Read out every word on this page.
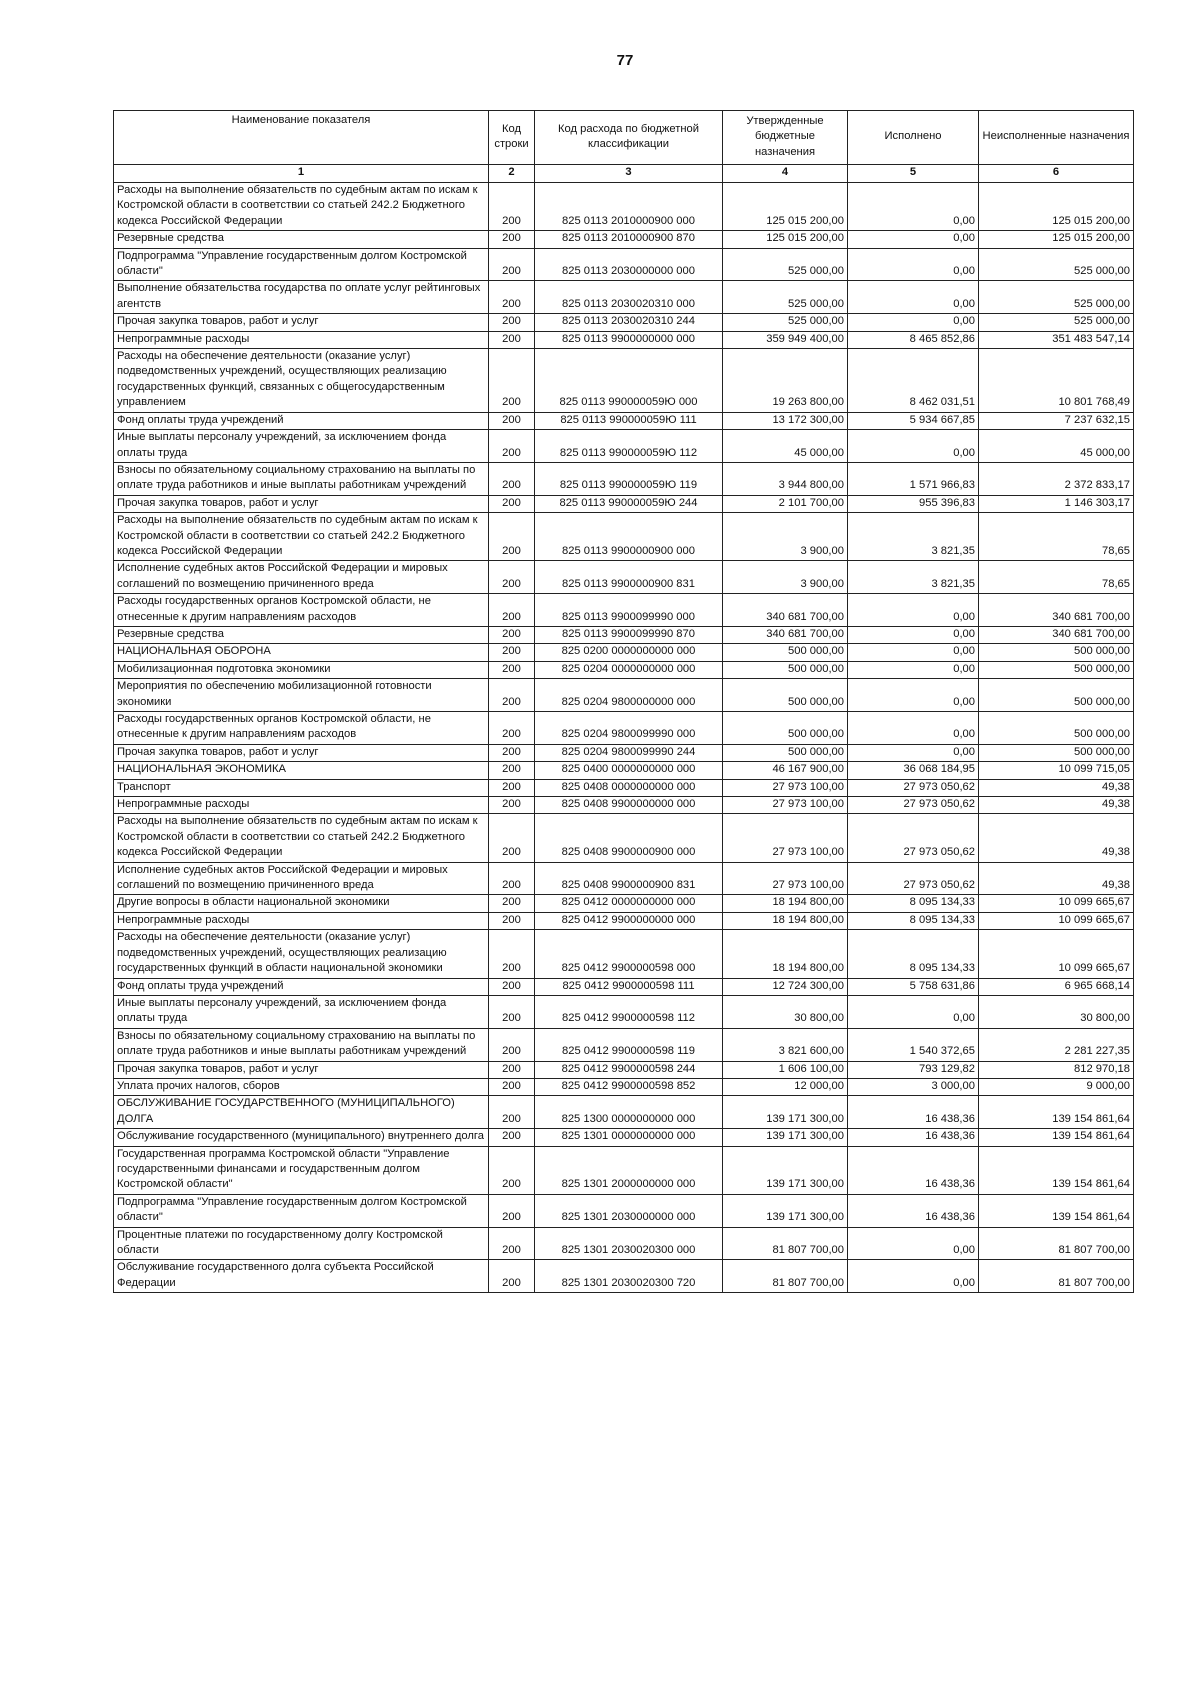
77
Наименование показателя	Код строки	Код расхода по бюджетной классификации	Утвержденные бюджетные назначения	Исполнено	Неисполненные назначения
1	2	3	4	5	6
Расходы на выполнение обязательств по судебным актам по искам к Костромской области в соответствии со статьей 242.2 Бюджетного кодекса Российской Федерации	200	825 0113 2010000900 000	125 015 200,00	0,00	125 015 200,00
Резервные средства	200	825 0113 2010000900 870	125 015 200,00	0,00	125 015 200,00
Подпрограмма "Управление государственным долгом Костромской области"	200	825 0113 2030000000 000	525 000,00	0,00	525 000,00
Выполнение обязательства государства по оплате услуг рейтинговых агентств	200	825 0113 2030020310 000	525 000,00	0,00	525 000,00
Прочая закупка товаров, работ и услуг	200	825 0113 2030020310 244	525 000,00	0,00	525 000,00
Непрограммные расходы	200	825 0113 9900000000 000	359 949 400,00	8 465 852,86	351 483 547,14
Расходы на обеспечение деятельности (оказание услуг) подведомственных учреждений, осуществляющих реализацию государственных функций, связанных с общегосударственным управлением	200	825 0113 990000059Ю 000	19 263 800,00	8 462 031,51	10 801 768,49
Фонд оплаты труда учреждений	200	825 0113 990000059Ю 111	13 172 300,00	5 934 667,85	7 237 632,15
Иные выплаты персоналу учреждений, за исключением фонда оплаты труда	200	825 0113 990000059Ю 112	45 000,00	0,00	45 000,00
Взносы по обязательному социальному страхованию на выплаты по оплате труда работников и иные выплаты работникам учреждений	200	825 0113 990000059Ю 119	3 944 800,00	1 571 966,83	2 372 833,17
Прочая закупка товаров, работ и услуг	200	825 0113 990000059Ю 244	2 101 700,00	955 396,83	1 146 303,17
Расходы на выполнение обязательств по судебным актам по искам к Костромской области в соответствии со статьей 242.2 Бюджетного кодекса Российской Федерации	200	825 0113 9900000900 000	3 900,00	3 821,35	78,65
Исполнение судебных актов Российской Федерации и мировых соглашений по возмещению причиненного вреда	200	825 0113 9900000900 831	3 900,00	3 821,35	78,65
Расходы государственных органов Костромской области, не отнесенные к другим направлениям расходов	200	825 0113 9900099990 000	340 681 700,00	0,00	340 681 700,00
Резервные средства	200	825 0113 9900099990 870	340 681 700,00	0,00	340 681 700,00
НАЦИОНАЛЬНАЯ ОБОРОНА	200	825 0200 0000000000 000	500 000,00	0,00	500 000,00
Мобилизационная подготовка экономики	200	825 0204 0000000000 000	500 000,00	0,00	500 000,00
Мероприятия по обеспечению мобилизационной готовности экономики	200	825 0204 9800000000 000	500 000,00	0,00	500 000,00
Расходы государственных органов Костромской области, не отнесенные к другим направлениям расходов	200	825 0204 9800099990 000	500 000,00	0,00	500 000,00
Прочая закупка товаров, работ и услуг	200	825 0204 9800099990 244	500 000,00	0,00	500 000,00
НАЦИОНАЛЬНАЯ ЭКОНОМИКА	200	825 0400 0000000000 000	46 167 900,00	36 068 184,95	10 099 715,05
Транспорт	200	825 0408 0000000000 000	27 973 100,00	27 973 050,62	49,38
Непрограммные расходы	200	825 0408 9900000000 000	27 973 100,00	27 973 050,62	49,38
Расходы на выполнение обязательств по судебным актам по искам к Костромской области в соответствии со статьей 242.2 Бюджетного кодекса Российской Федерации	200	825 0408 9900000900 000	27 973 100,00	27 973 050,62	49,38
Исполнение судебных актов Российской Федерации и мировых соглашений по возмещению причиненного вреда	200	825 0408 9900000900 831	27 973 100,00	27 973 050,62	49,38
Другие вопросы в области национальной экономики	200	825 0412 0000000000 000	18 194 800,00	8 095 134,33	10 099 665,67
Непрограммные расходы	200	825 0412 9900000000 000	18 194 800,00	8 095 134,33	10 099 665,67
Расходы на обеспечение деятельности (оказание услуг) подведомственных учреждений, осуществляющих реализацию государственных функций в области национальной экономики	200	825 0412 9900000598 000	18 194 800,00	8 095 134,33	10 099 665,67
Фонд оплаты труда учреждений	200	825 0412 9900000598 111	12 724 300,00	5 758 631,86	6 965 668,14
Иные выплаты персоналу учреждений, за исключением фонда оплаты труда	200	825 0412 9900000598 112	30 800,00	0,00	30 800,00
Взносы по обязательному социальному страхованию на выплаты по оплате труда работников и иные выплаты работникам учреждений	200	825 0412 9900000598 119	3 821 600,00	1 540 372,65	2 281 227,35
Прочая закупка товаров, работ и услуг	200	825 0412 9900000598 244	1 606 100,00	793 129,82	812 970,18
Уплата прочих налогов, сборов	200	825 0412 9900000598 852	12 000,00	3 000,00	9 000,00
ОБСЛУЖИВАНИЕ ГОСУДАРСТВЕННОГО (МУНИЦИПАЛЬНОГО) ДОЛГА	200	825 1300 0000000000 000	139 171 300,00	16 438,36	139 154 861,64
Обслуживание государственного (муниципального) внутреннего долга	200	825 1301 0000000000 000	139 171 300,00	16 438,36	139 154 861,64
Государственная программа Костромской области "Управление государственными финансами и государственным долгом Костромской области"	200	825 1301 2000000000 000	139 171 300,00	16 438,36	139 154 861,64
Подпрограмма "Управление государственным долгом Костромской области"	200	825 1301 2030000000 000	139 171 300,00	16 438,36	139 154 861,64
Процентные платежи по государственному долгу Костромской области	200	825 1301 2030020300 000	81 807 700,00	0,00	81 807 700,00
Обслуживание государственного долга субъекта Российской Федерации	200	825 1301 2030020300 720	81 807 700,00	0,00	81 807 700,00
